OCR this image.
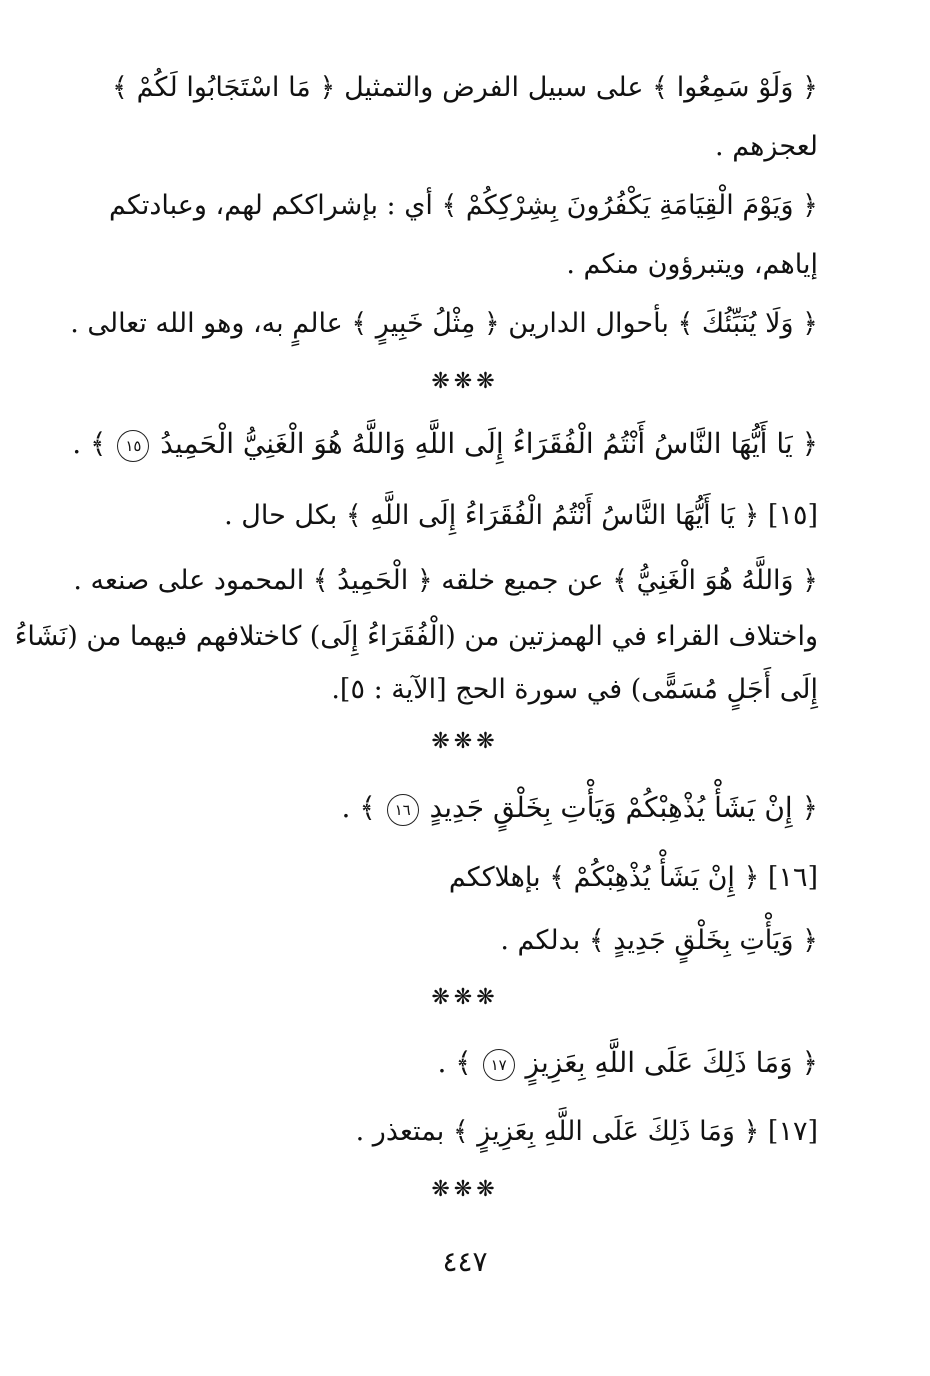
﴿ وَلَوْ سَمِعُوا ﴾ على سبيل الفرض والتمثيل ﴿ مَا اسْتَجَابُوا لَكُمْ ﴾
لعجزهم .
﴿ وَيَوْمَ الْقِيَامَةِ يَكْفُرُونَ بِشِرْكِكُمْ ﴾ أي : بإشراككم لهم، وعبادتكم
إياهم، ويتبرؤون منكم .
﴿ وَلَا يُنَبِّئُكَ ﴾ بأحوال الدارين ﴿ مِثْلُ خَبِيرٍ ﴾ عالمٍ به، وهو الله تعالى .
❋❋❋
﴿ يَا أَيُّهَا النَّاسُ أَنْتُمُ الْفُقَرَاءُ إِلَى اللَّهِ وَاللَّهُ هُوَ الْغَنِيُّ الْحَمِيدُ ١٥ ﴾ .
[١٥] ﴿ يَا أَيُّهَا النَّاسُ أَنْتُمُ الْفُقَرَاءُ إِلَى اللَّهِ ﴾ بكل حال .
﴿ وَاللَّهُ هُوَ الْغَنِيُّ ﴾ عن جميع خلقه ﴿ الْحَمِيدُ ﴾ المحمود على صنعه .
واختلاف القراء في الهمزتين من (الْفُقَرَاءُ إِلَى) كاختلافهم فيهما من (نَشَاءُ
إِلَى أَجَلٍ مُسَمًّى) في سورة الحج [الآية : ٥].
❋❋❋
﴿ إِنْ يَشَأْ يُذْهِبْكُمْ وَيَأْتِ بِخَلْقٍ جَدِيدٍ ١٦ ﴾ .
[١٦] ﴿ إِنْ يَشَأْ يُذْهِبْكُمْ ﴾ بإهلاككم
﴿ وَيَأْتِ بِخَلْقٍ جَدِيدٍ ﴾ بدلكم .
❋❋❋
﴿ وَمَا ذَلِكَ عَلَى اللَّهِ بِعَزِيزٍ ١٧ ﴾ .
[١٧] ﴿ وَمَا ذَلِكَ عَلَى اللَّهِ بِعَزِيزٍ ﴾ بمتعذر .
❋❋❋
٤٤٧
